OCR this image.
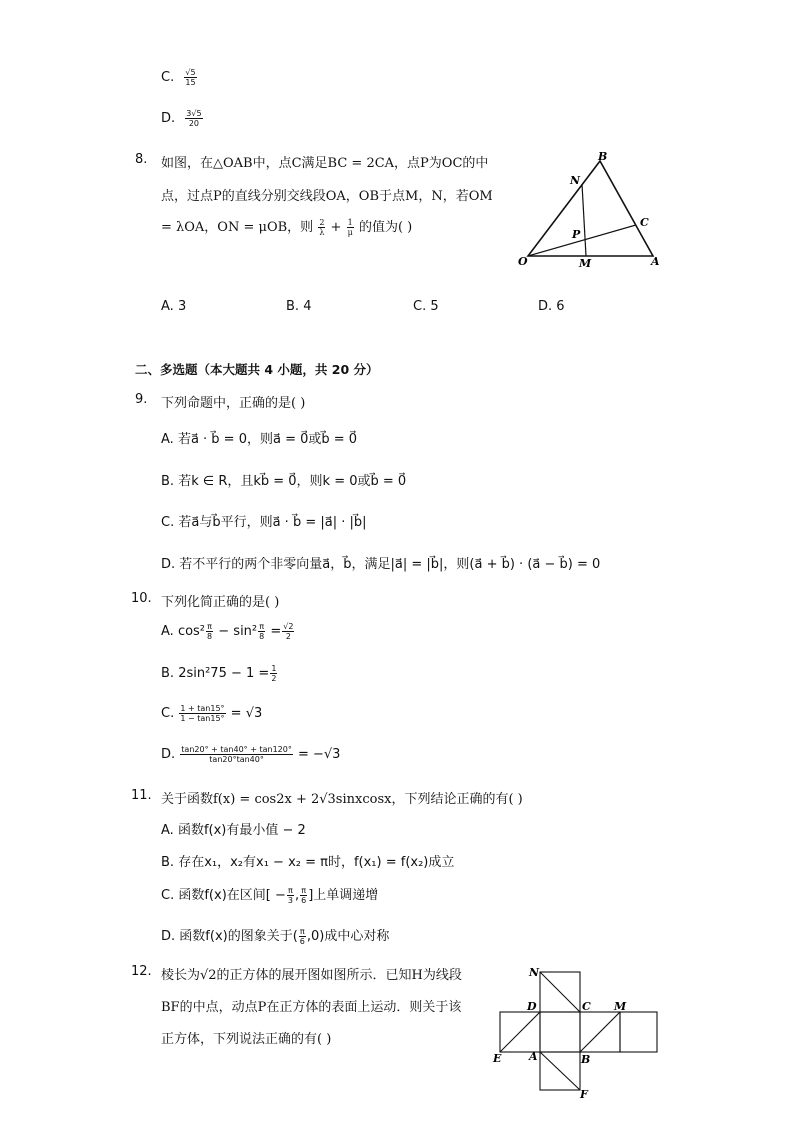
C. $\frac{√5}{15}$
D. $\frac{3√5}{20}$
8. 如图，在△OAB中，点C满足BC = 2CA，点P为OC的中
点，过点P的直线分别交线段OA，OB于点M，N，若OM
= λOA，ON = μOB，则 $\frac{2}{\lambda} + \frac{1}{\mu}$ 的值为( )
B
N
C
P
O	M	A
A. 3	B. 4	C. 5	D. 6
二、多选题（本大题共 4 小题，共 20 分）
9. 下列命题中，正确的是( )
A. 若a⃗ · b⃗ = 0，则a⃗ = 0⃗或b⃗ = 0⃗
B. 若k ∈ R，且kb⃗ = 0⃗，则k = 0或b⃗ = 0⃗
C. 若a⃗与b⃗平行，则a⃗ · b⃗ = |a⃗| · |b⃗|
D. 若不平行的两个非零向量a⃗，b⃗，满足|a⃗| = |b⃗|，则(a⃗ + b⃗) · (a⃗ − b⃗) = 0
10. 下列化简正确的是( )
A. $\cos^2 \frac{\pi}{8} - \sin^2 \frac{\pi}{8} = \frac{√2}{2}$
B. $2\sin^275 - 1 = \frac{1}{2}$
C. $\frac{1 + \tan 15^\circ}{1 - \tan 15^\circ} = √3$
D. $\frac{\tan 20^\circ + \tan 40^\circ + \tan 120^\circ}{\tan 20^\circ\tan 40^\circ} = -√3$
11. 关于函数f(x) = cos2x + 2√3sinxcosx，下列结论正确的有( )
A. 函数f(x)有最小值 − 2
B. 存在x₁，x₂有x₁ − x₂ = π时，f(x₁) = f(x₂)成立
C. 函数f(x)在区间[ − $\frac{\pi}{3}$ , $\frac{\pi}{6}$ ]上单调递增
D. 函数f(x)的图象关于( $\frac{\pi}{6} ,0$)成中心对称
12. 棱长为√2的正方体的展开图如图所示．已知H为线段
BF的中点，动点P在正方体的表面上运动．则关于该
正方体，下列说法正确的有( )
N
D	C M
E	A	B
F
